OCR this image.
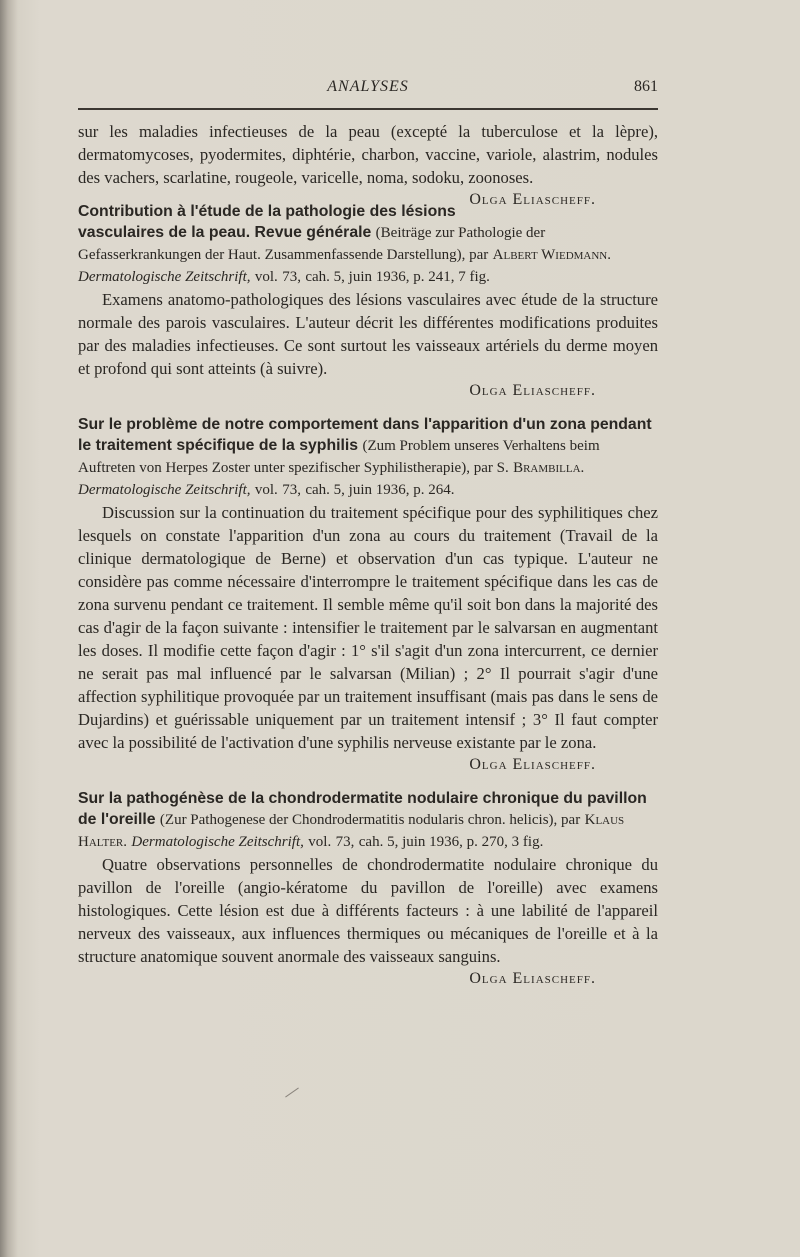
ANALYSES	861

sur les maladies infectieuses de la peau (excepté la tuberculose et la lèpre), dermatomycoses, pyodermites, diphtérie, charbon, vaccine, variole, alastrim, nodules des vachers, scarlatine, rougeole, varicelle, noma, sodoku, zoonoses.
Olga Eliascheff.

Contribution à l'étude de la pathologie des lésions vasculaires de la peau. Revue générale (Beiträge zur Pathologie der Gefasserkrankungen der Haut. Zusammenfassende Darstellung), par Albert Wiedmann. Dermatologische Zeitschrift, vol. 73, cah. 5, juin 1936, p. 241, 7 fig.

Examens anatomo-pathologiques des lésions vasculaires avec étude de la structure normale des parois vasculaires. L'auteur décrit les différentes modifications produites par des maladies infectieuses. Ce sont surtout les vaisseaux artériels du derme moyen et profond qui sont atteints (à suivre).

Olga Eliascheff.
Sur le problème de notre comportement dans l'apparition d'un zona pendant le traitement spécifique de la syphilis (Zum Problem unseres Verhaltens beim Auftreten von Herpes Zoster unter spezifischer Syphilistherapie), par S. Brambilla. Dermatologische Zeitschrift, vol. 73, cah. 5, juin 1936, p. 264.

Discussion sur la continuation du traitement spécifique pour des syphilitiques chez lesquels on constate l'apparition d'un zona au cours du traitement (Travail de la clinique dermatologique de Berne) et observation d'un cas typique. L'auteur ne considère pas comme nécessaire d'interrompre le traitement spécifique dans les cas de zona survenu pendant ce traitement. Il semble même qu'il soit bon dans la majorité des cas d'agir de la façon suivante : intensifier le traitement par le salvarsan en augmentant les doses. Il modifie cette façon d'agir : 1° s'il s'agit d'un zona intercurrent, ce dernier ne serait pas mal influencé par le salvarsan (Milian) ; 2° Il pourrait s'agir d'une affection syphilitique provoquée par un traitement insuffisant (mais pas dans le sens de Dujardins) et guérissable uniquement par un traitement intensif ; 3° Il faut compter avec la possibilité de l'activation d'une syphilis nerveuse existante par le zona.

Olga Eliascheff.
Sur la pathogénèse de la chondrodermatite nodulaire chronique du pavillon de l'oreille (Zur Pathogenese der Chondrodermatitis nodularis chron. helicis), par Klaus Halter. Dermatologische Zeitschrift, vol. 73, cah. 5, juin 1936, p. 270, 3 fig.

Quatre observations personnelles de chondrodermatite nodulaire chronique du pavillon de l'oreille (angio-kératome du pavillon de l'oreille) avec examens histologiques. Cette lésion est due à différents facteurs : à une labilité de l'appareil nerveux des vaisseaux, aux influences thermiques ou mécaniques de l'oreille et à la structure anatomique souvent anormale des vaisseaux sanguins.
Olga Eliascheff.
